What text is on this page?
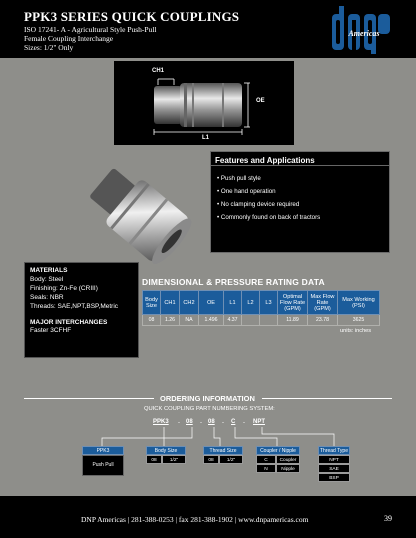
PPK3 SERIES QUICK COUPLINGS
ISO 17241- A - Agricultural Style Push-Pull
Female Coupling Interchange
Sizes: 1/2" Only
Americas
CH1
OE
L1
Features and Applications
• Push pull style
• One hand operation
• No clamping device required
• Commonly found on back of tractors
MATERIALS
Body: Steel
Finishing: Zn-Fe (CRIII)
Seals: NBR
Threads: SAE,NPT,BSP,Metric
MAJOR INTERCHANGES
Faster 3CFHF
DIMENSIONAL & PRESSURE RATING DATA
Body Size	CH1	CH2	OE	L1	L2	L3	Optimal Flow Rate (GPM)	Max Flow Rate (GPM)	Max Working (PSI)
08	1.26	NA	1.496	4.37			11.89	23.78	3625
units: inches
ORDERING INFORMATION
QUICK COUPLING PART NUMBERING SYSTEM:
PPK3 - 08 - 08 - C - NPT
PPK3
Push Pull
Body Size
08	1/2"
Thread Size
08	1/2"
Coupler / Nipple
C	Coupler
N	Nipple
Thread Type
NPT
SAE
BSP
DNP Americas | 281-388-0253 | fax 281-388-1902 | www.dnpamericas.com	39
